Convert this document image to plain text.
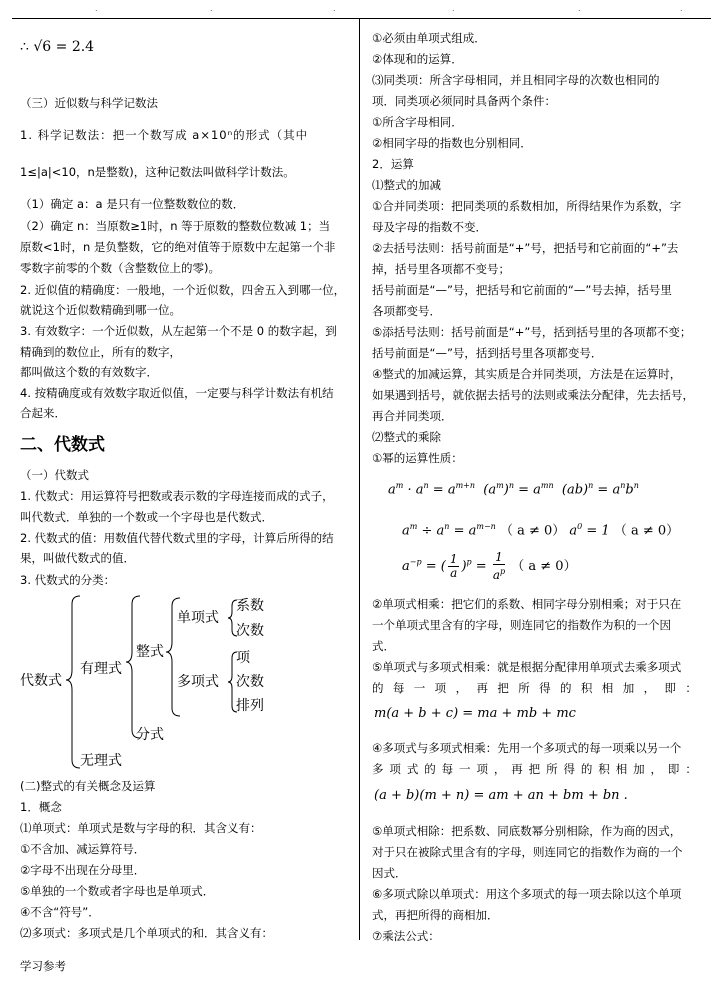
.	.	.	.	.	.
∴ √6 = 2.4
（三）近似数与科学记数法
1. 科学记数法：把一个数写成 a×10ⁿ的形式（其中
1≤|a|<10，n是整数)，这种记数法叫做科学计数法。
（1）确定 a：a 是只有一位整数数位的数．
（2）确定 n：当原数≥1时，n 等于原数的整数位数减 1；当
原数<1时，n 是负整数，它的绝对值等于原数中左起第一个非
零数字前零的个数（含整数位上的零)。
2. 近似值的精确度：一般地，一个近似数，四舍五入到哪一位，
就说这个近似数精确到哪一位。
3. 有效数字：一个近似数，从左起第一个不是 0 的数字起，到
精确到的数位止，所有的数字，
都叫做这个数的有效数字．
4. 按精确度或有效数字取近似值，一定要与科学计数法有机结
合起来．
二、代数式
（一）代数式
1. 代数式：用运算符号把数或表示数的字母连接而成的式子，
叫代数式．单独的一个数或一个字母也是代数式．
2. 代数式的值：用数值代替代数式里的字母，计算后所得的结
果，叫做代数式的值．
3. 代数式的分类：
代数式
有理式
无理式
整式
分式
单项式
多项式
系数
次数
项
次数
排列
(二)整式的有关概念及运算
1．概念
⑴单项式：单项式是数与字母的积．其含义有：
①不含加、减运算符号．
②字母不出现在分母里．
⑤单独的一个数或者字母也是单项式．
④不含“符号”．
⑵多项式：多项式是几个单项式的和．其含义有：
①必须由单项式组成．
②体现和的运算．
⑶同类项：所含字母相同，并且相同字母的次数也相同的
项．同类项必须同时具备两个条件：
①所含字母相同．
②相同字母的指数也分别相同．
2．运算
⑴整式的加减
①合并同类项：把同类项的系数相加，所得结果作为系数，字
母及字母的指数不变．
②去括号法则：括号前面是“+”号，把括号和它前面的“+”去
掉，括号里各项都不变号；
括号前面是“—”号，把括号和它前面的“—”号去掉，括号里
各项都变号．
⑤添括号法则：括号前面是“+”号，括到括号里的各项都不变；
括号前面是“—”号，括到括号里各项都变号．
④整式的加减运算，其实质是合并同类项，方法是在运算时，
如果遇到括号，就依据去括号的法则或乘法分配律，先去括号，
再合并同类项．
⑵整式的乘除
①幂的运算性质：
$a^m \cdot a^n = a^{m+n}$  $(a^m)^n = a^{mn}$  $(ab)^n = a^nb^n$
$a^m \div a^n = a^{m-n}$ （ a ≠ 0） $a^0 = 1$ （ a ≠ 0）
$a^{-p}$ = ( $\frac{1}{a} )^p = \frac{1}{a^p}$ （ a ≠ 0）
②单项式相乘：把它们的系数、相同字母分别相乘；对于只在
一个单项式里含有的字母，则连同它的指数作为积的一个因
式．
⑤单项式与多项式相乘：就是根据分配律用单项式去乘多项式
的 每 一 项 ， 再 把 所 得 的 积 相 加 ， 即 ：
m(a + b + c) = ma + mb + mc
④多项式与多项式相乘：先用一个多项式的每一项乘以另一个
多 项 式 的 每 一 项 ， 再 把 所 得 的 积 相 加 ， 即 ：
(a + b)(m + n) = am + an + bm + bn .
⑤单项式相除：把系数、同底数幂分别相除，作为商的因式，
对于只在被除式里含有的字母，则连同它的指数作为商的一个
因式．
⑥多项式除以单项式：用这个多项式的每一项去除以这个单项
式，再把所得的商相加．
⑦乘法公式：
学习参考
